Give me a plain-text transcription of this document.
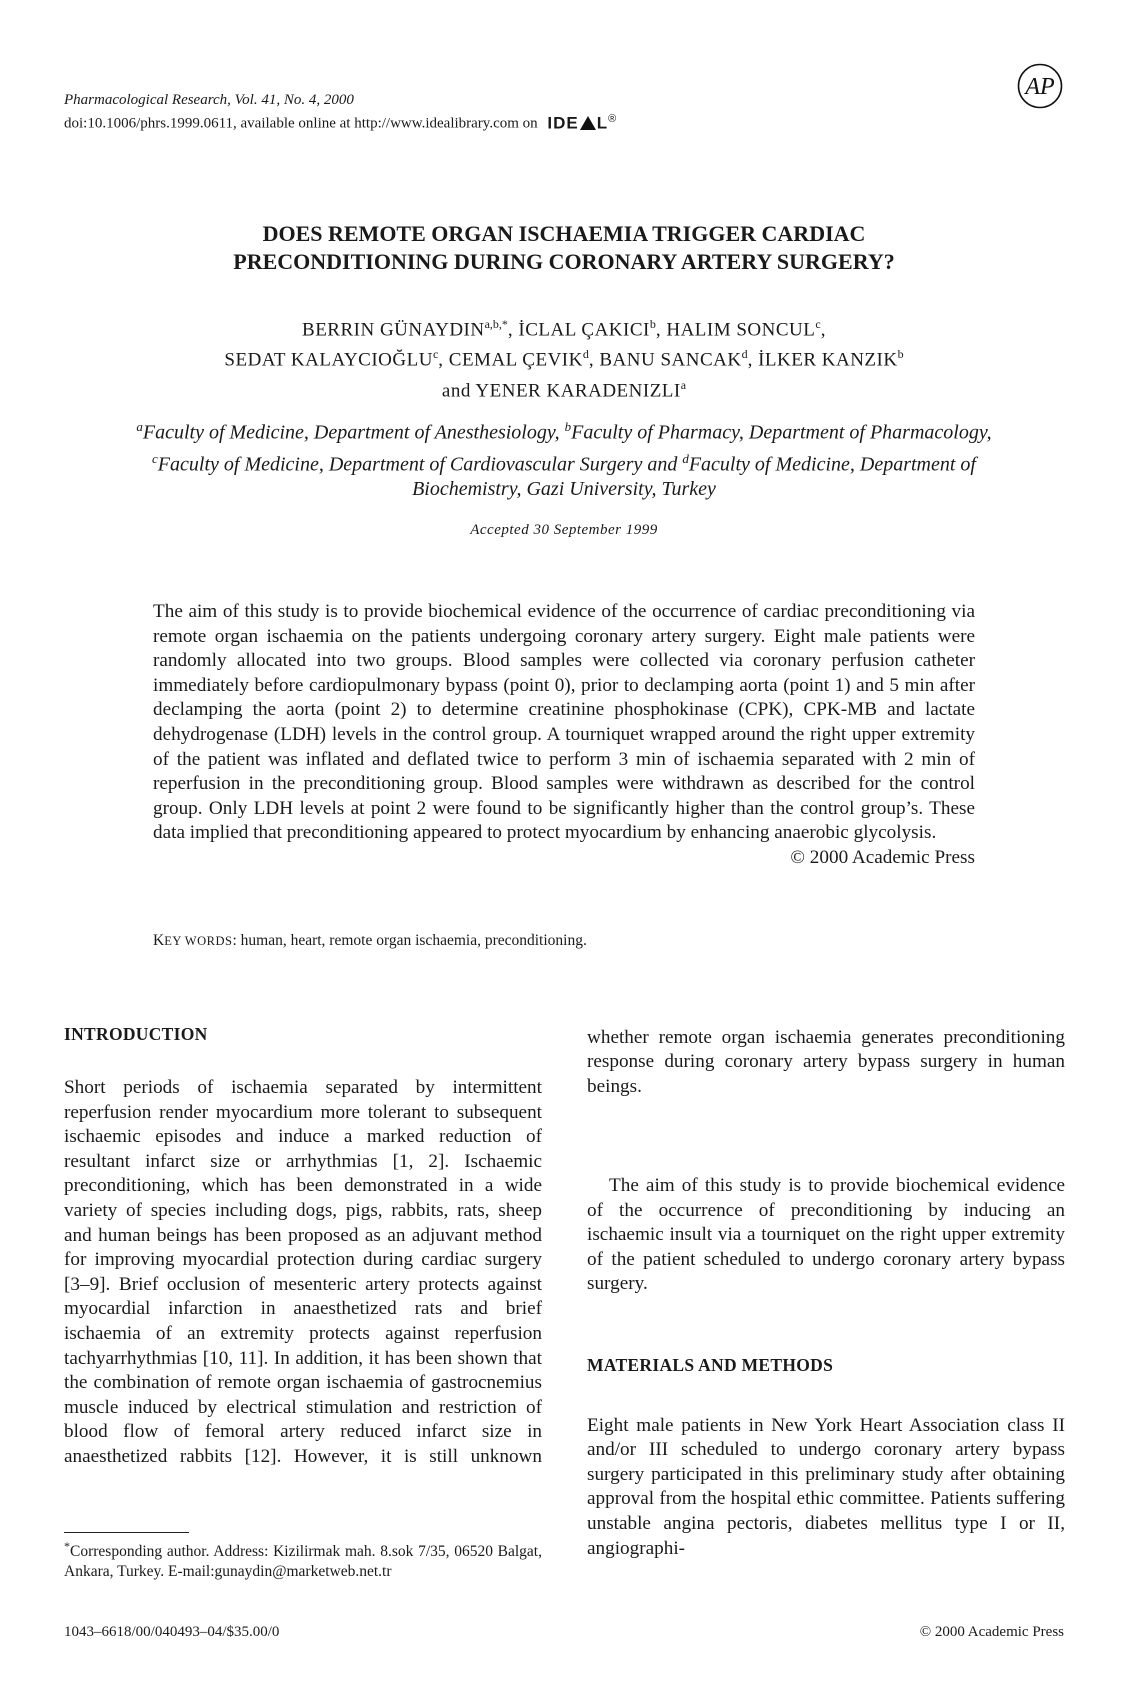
Pharmacological Research, Vol. 41, No. 4, 2000
doi:10.1006/phrs.1999.0611, available online at http://www.idealibrary.com on IDE L®
AP
DOES REMOTE ORGAN ISCHAEMIA TRIGGER CARDIAC
PRECONDITIONING DURING CORONARY ARTERY SURGERY?
BERRIN $GÜNAYDIN^{a,b,*}$, İCLAL ÇAKICI$^b$, HALIM SONCUL$^c$,
SEDAT KALAYCIOĞLU$^c$, CEMAL ÇEVIK$^d$, BANU SANCAK$^d$, İLKER KANZIK$^b$
and YENER KARADENIZLI$^a$
$^a$Faculty of Medicine, Department of Anesthesiology, $^b$Faculty of Pharmacy, Department of Pharmacology, $^c$Faculty of Medicine, Department of Cardiovascular Surgery and $^d$Faculty of Medicine, Department of Biochemistry, Gazi University, Turkey
Accepted 30 September 1999
The aim of this study is to provide biochemical evidence of the occurrence of cardiac preconditioning via remote organ ischaemia on the patients undergoing coronary artery surgery. Eight male patients were randomly allocated into two groups. Blood samples were collected via coronary perfusion catheter immediately before cardiopulmonary bypass (point 0), prior to declamping aorta (point 1) and 5 min after declamping the aorta (point 2) to determine creatinine phosphokinase (CPK), CPK-MB and lactate dehydrogenase (LDH) levels in the control group. A tourniquet wrapped around the right upper extremity of the patient was inflated and deflated twice to perform 3 min of ischaemia separated with 2 min of reperfusion in the preconditioning group. Blood samples were withdrawn as described for the control group. Only LDH levels at point 2 were found to be significantly higher than the control group’s. These data implied that preconditioning appeared to protect myocardium by enhancing anaerobic glycolysis.
© 2000 Academic Press
KEY WORDS: human, heart, remote organ ischaemia, preconditioning.
INTRODUCTION
Short periods of ischaemia separated by intermittent reperfusion render myocardium more tolerant to subsequent ischaemic episodes and induce a marked reduction of resultant infarct size or arrhythmias [1, 2]. Ischaemic preconditioning, which has been demonstrated in a wide variety of species including dogs, pigs, rabbits, rats, sheep and human beings has been proposed as an adjuvant method for improving myocardial protection during cardiac surgery [3–9]. Brief occlusion of mesenteric artery protects against myocardial infarction in anaesthetized rats and brief ischaemia of an extremity protects against reperfusion tachyarrhythmias [10, 11]. In addition, it has been shown that the combination of remote organ ischaemia of gastrocnemius muscle induced by electrical stimulation and restriction of blood flow of femoral artery reduced infarct size in anaesthetized rabbits [12]. However, it is still unknown
whether remote organ ischaemia generates preconditioning response during coronary artery bypass surgery in human beings.
The aim of this study is to provide biochemical evidence of the occurrence of preconditioning by inducing an ischaemic insult via a tourniquet on the right upper extremity of the patient scheduled to undergo coronary artery bypass surgery.
MATERIALS AND METHODS
Eight male patients in New York Heart Association class II and/or III scheduled to undergo coronary artery bypass surgery participated in this preliminary study after obtaining approval from the hospital ethic committee. Patients suffering unstable angina pectoris, diabetes mellitus type I or II, angiographi-
*Corresponding author. Address: Kizilirmak mah. 8.sok 7/35, 06520 Balgat, Ankara, Turkey. E-mail:gunaydin@marketweb.net.tr
1043–6618/00/040493–04/$35.00/0	© 2000 Academic Press
